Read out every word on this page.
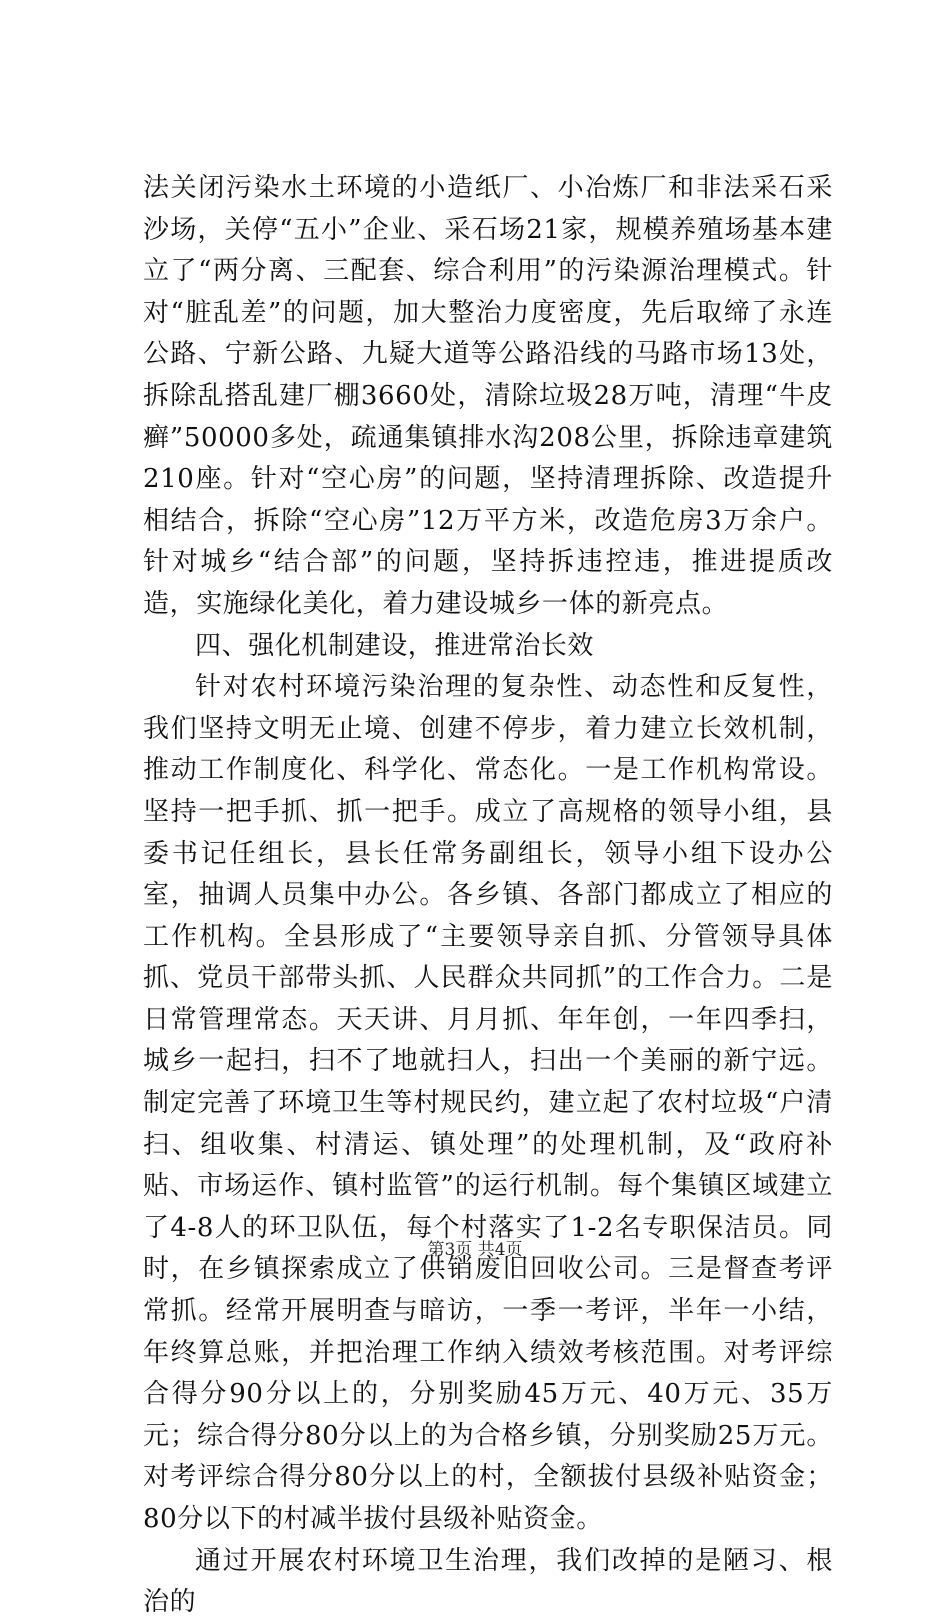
法关闭污染水土环境的小造纸厂、小冶炼厂和非法采石采沙场，关停“五小”企业、采石场21家，规模养殖场基本建立了“两分离、三配套、综合利用”的污染源治理模式。针对“脏乱差”的问题，加大整治力度密度，先后取缔了永连公路、宁新公路、九疑大道等公路沿线的马路市场13处，拆除乱搭乱建厂棚3660处，清除垃圾28万吨，清理“牛皮癣”50000多处，疏通集镇排水沟208公里，拆除违章建筑210座。针对“空心房”的问题，坚持清理拆除、改造提升相结合，拆除“空心房”12万平方米，改造危房3万余户。针对城乡“结合部”的问题，坚持拆违控违，推进提质改造，实施绿化美化，着力建设城乡一体的新亮点。

四、强化机制建设，推进常治长效

针对农村环境污染治理的复杂性、动态性和反复性，我们坚持文明无止境、创建不停步，着力建立长效机制，推动工作制度化、科学化、常态化。一是工作机构常设。坚持一把手抓、抓一把手。成立了高规格的领导小组，县委书记任组长，县长任常务副组长，领导小组下设办公室，抽调人员集中办公。各乡镇、各部门都成立了相应的工作机构。全县形成了“主要领导亲自抓、分管领导具体抓、党员干部带头抓、人民群众共同抓”的工作合力。二是日常管理常态。天天讲、月月抓、年年创，一年四季扫，城乡一起扫，扫不了地就扫人，扫出一个美丽的新宁远。制定完善了环境卫生等村规民约，建立起了农村垃圾“户清扫、组收集、村清运、镇处理”的处理机制，及“政府补贴、市场运作、镇村监管”的运行机制。每个集镇区域建立了4-8人的环卫队伍，每个村落实了1-2名专职保洁员。同时，在乡镇探索成立了供销废旧回收公司。三是督查考评常抓。经常开展明查与暗访，一季一考评，半年一小结，年终算总账，并把治理工作纳入绩效考核范围。对考评综合得分90分以上的，分别奖励45万元、40万元、35万元；综合得分80分以上的为合格乡镇，分别奖励25万元。对考评综合得分80分以上的村，全额拔付县级补贴资金；80分以下的村减半拔付县级补贴资金。

通过开展农村环境卫生治理，我们改掉的是陋习、根治的

第3页 共4页
